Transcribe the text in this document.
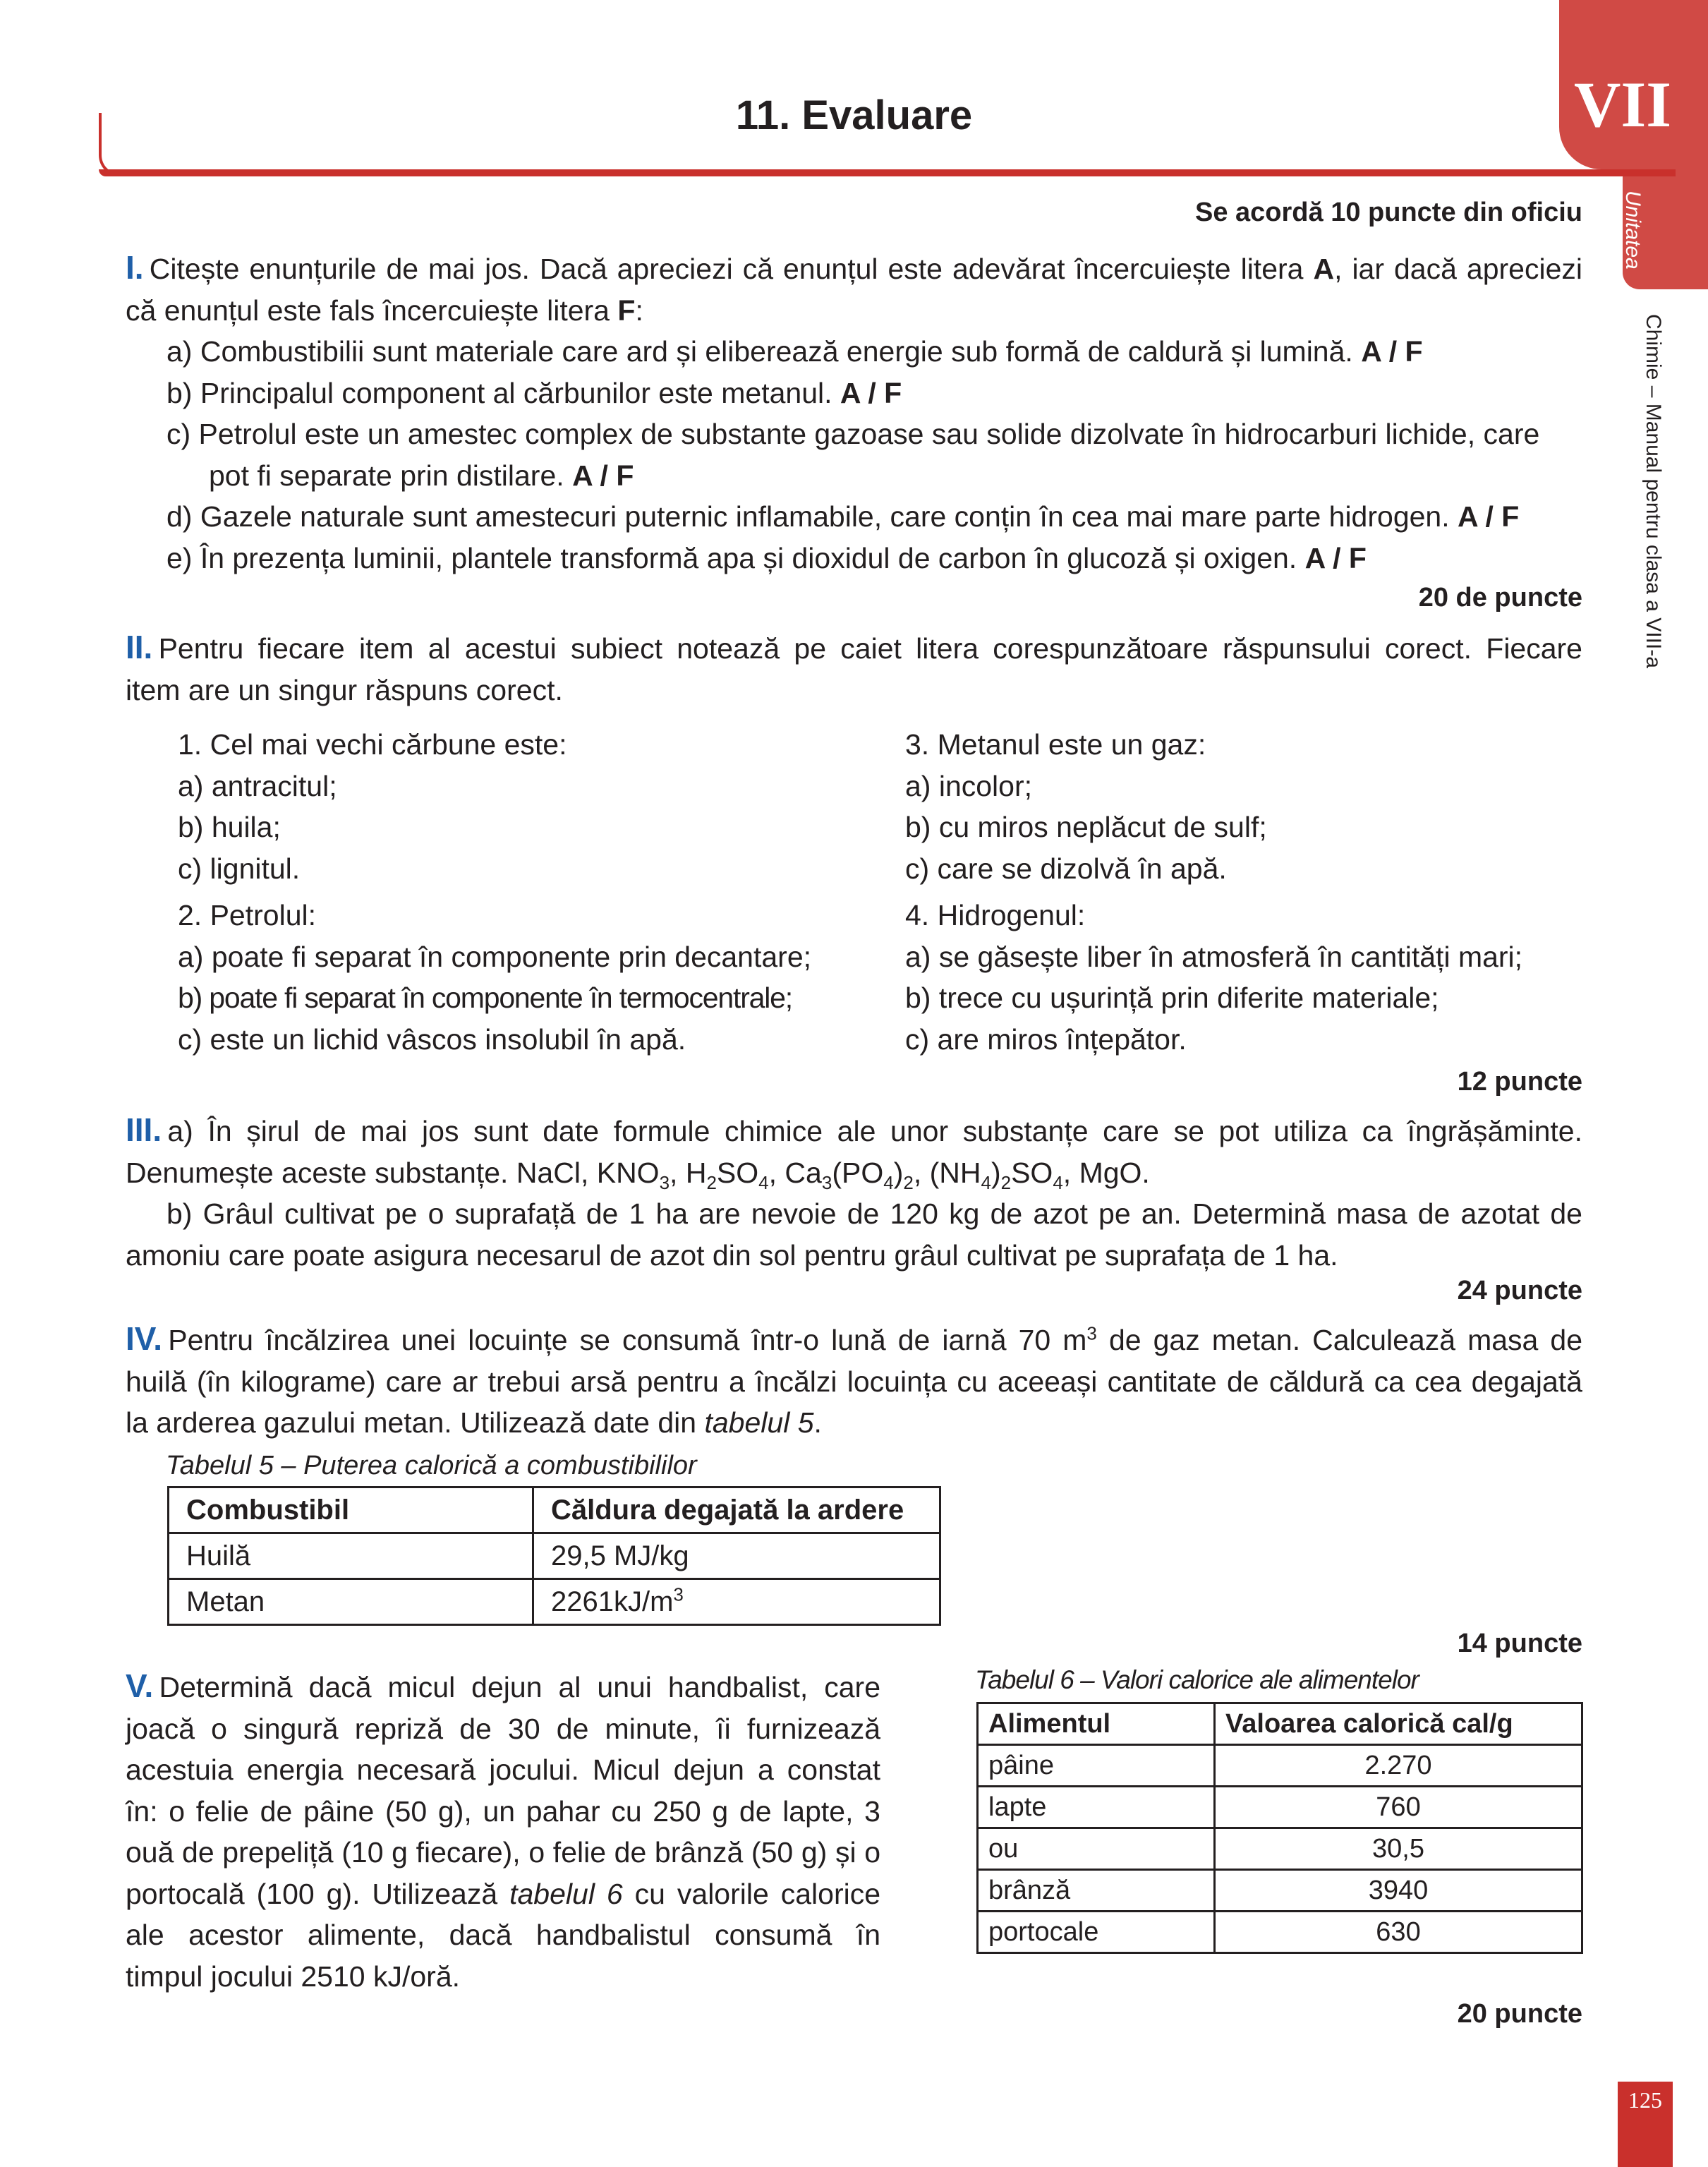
VII
Unitatea
Chimie – Manual pentru clasa a VIII-a
11. Evaluare
Se acordă 10 puncte din oficiu
I.  Citește enunțurile de mai jos. Dacă apreciezi că enunțul este adevărat încercuiește litera A, iar dacă apreciezi
că enunțul este fals încercuiește litera F:
a) Combustibilii sunt materiale care ard și eliberează energie sub formă de caldură și lumină. A / F
b) Principalul component al cărbunilor este metanul. A / F
c) Petrolul este un amestec complex de substante gazoase sau solide dizolvate în hidrocarburi lichide, care
pot fi separate prin distilare. A / F
d) Gazele naturale sunt amestecuri puternic inflamabile, care conțin în cea mai mare parte hidrogen. A / F
e) În prezența luminii, plantele transformă apa și dioxidul de carbon în glucoză și oxigen. A / F
20 de puncte
II.  Pentru fiecare item al acestui subiect notează pe caiet litera corespunzătoare răspunsului corect. Fiecare
item are un singur răspuns corect.
1. Cel mai vechi cărbune este:
a) antracitul;
b) huila;
c) lignitul.
2. Petrolul:
a) poate fi separat în componente prin decantare;
b) poate fi separat în componente în termocentrale;
c) este un lichid vâscos insolubil în apă.
3. Metanul este un gaz:
a) incolor;
b) cu miros neplăcut de sulf;
c) care se dizolvă în apă.
4. Hidrogenul:
a) se găsește liber în atmosferă în cantități mari;
b) trece cu ușurință prin diferite materiale;
c) are miros înțepător.
12 puncte
III.  a) În șirul de mai jos sunt date formule chimice ale unor substanțe care se pot utiliza ca îngrășăminte.
Denumește aceste substanțe. NaCl, $KNO_3$, $H_2SO_4$, $Ca_3(PO_4)_2$, $(NH_4)_2SO_4$, MgO.
b) Grâul cultivat pe o suprafață de 1 ha are nevoie de 120 kg de azot pe an. Determină masa de azotat de
amoniu care poate asigura necesarul de azot din sol pentru grâul cultivat pe suprafața de 1 ha.
24 puncte
IV.  Pentru încălzirea unei locuințe se consumă într-o lună de iarnă 70 $m^3$ de gaz metan. Calculează masa de
huilă (în kilograme) care ar trebui arsă pentru a încălzi locuința cu aceeași cantitate de căldură ca cea degajată
la arderea gazului metan. Utilizează date din tabelul 5.
Tabelul 5 – Puterea calorică a combustibililor
Combustibil	Căldura degajată la ardere
Huilă	29,5 MJ/kg
Metan	$2261kJ/m^3$
14 puncte
V.  Determină dacă micul dejun al unui handbalist, care
joacă o singură repriză de 30 de minute, îi furnizează
acestuia energia necesară jocului. Micul dejun a constat
în: o felie de pâine (50 g), un pahar cu 250 g de lapte, 3
ouă de prepeliță (10 g fiecare), o felie de brânză (50 g) și o
portocală (100 g). Utilizează tabelul 6 cu valorile calorice
ale acestor alimente, dacă handbalistul consumă în
timpul jocului 2510 kJ/oră.
Tabelul 6 – Valori calorice ale alimentelor
Alimentul	Valoarea calorică cal/g
pâine	2.270
lapte	760
ou	30,5
brânză	3940
portocale	630
20 puncte
125
